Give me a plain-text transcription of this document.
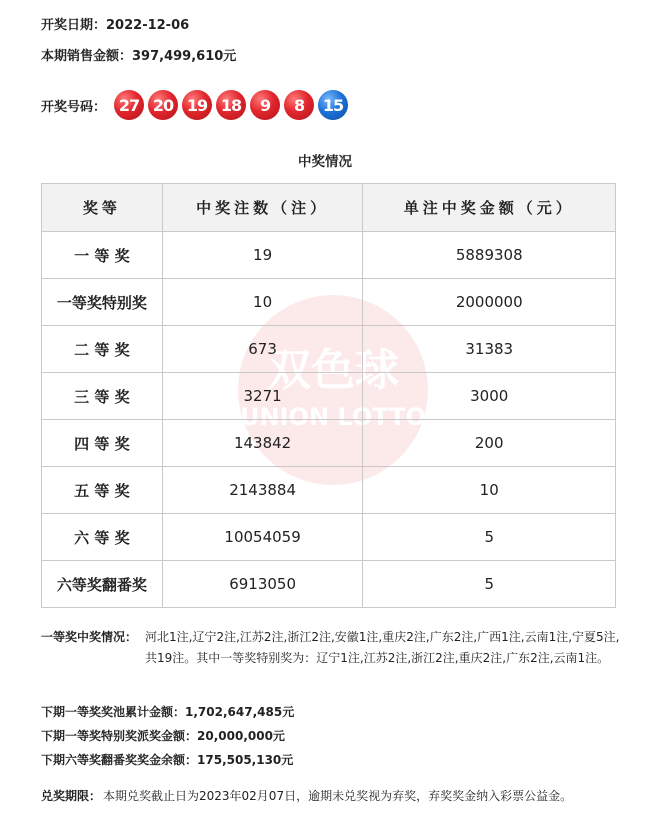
双色球
UNION LOTTO
开奖日期：2022-12-06
本期销售金额：397,499,610元
开奖号码： 27 20 19 18	9	8	15
中奖情况
奖等	中奖注数（注）	单注中奖金额（元）
一 等 奖	19	5889308
一等奖特别奖	10	2000000
二 等 奖	673	31383
三 等 奖	3271	3000
四 等 奖	143842	200
五 等 奖	2143884	10
六 等 奖	10054059	5
六等奖翻番奖	6913050	5
一等奖中奖情况： 河北1注,辽宁2注,江苏2注,浙江2注,安徽1注,重庆2注,广东2注,广西1注,云南1注,宁夏5注,共19注。其中一等奖特别奖为：辽宁1注,江苏2注,浙江2注,重庆2注,广东2注,云南1注。
下期一等奖奖池累计金额：1,702,647,485元
下期一等奖特别奖派奖金额：20,000,000元
下期六等奖翻番奖奖金余额：175,505,130元
兑奖期限： 本期兑奖截止日为2023年02月07日，逾期未兑奖视为弃奖，弃奖奖金纳入彩票公益金。
